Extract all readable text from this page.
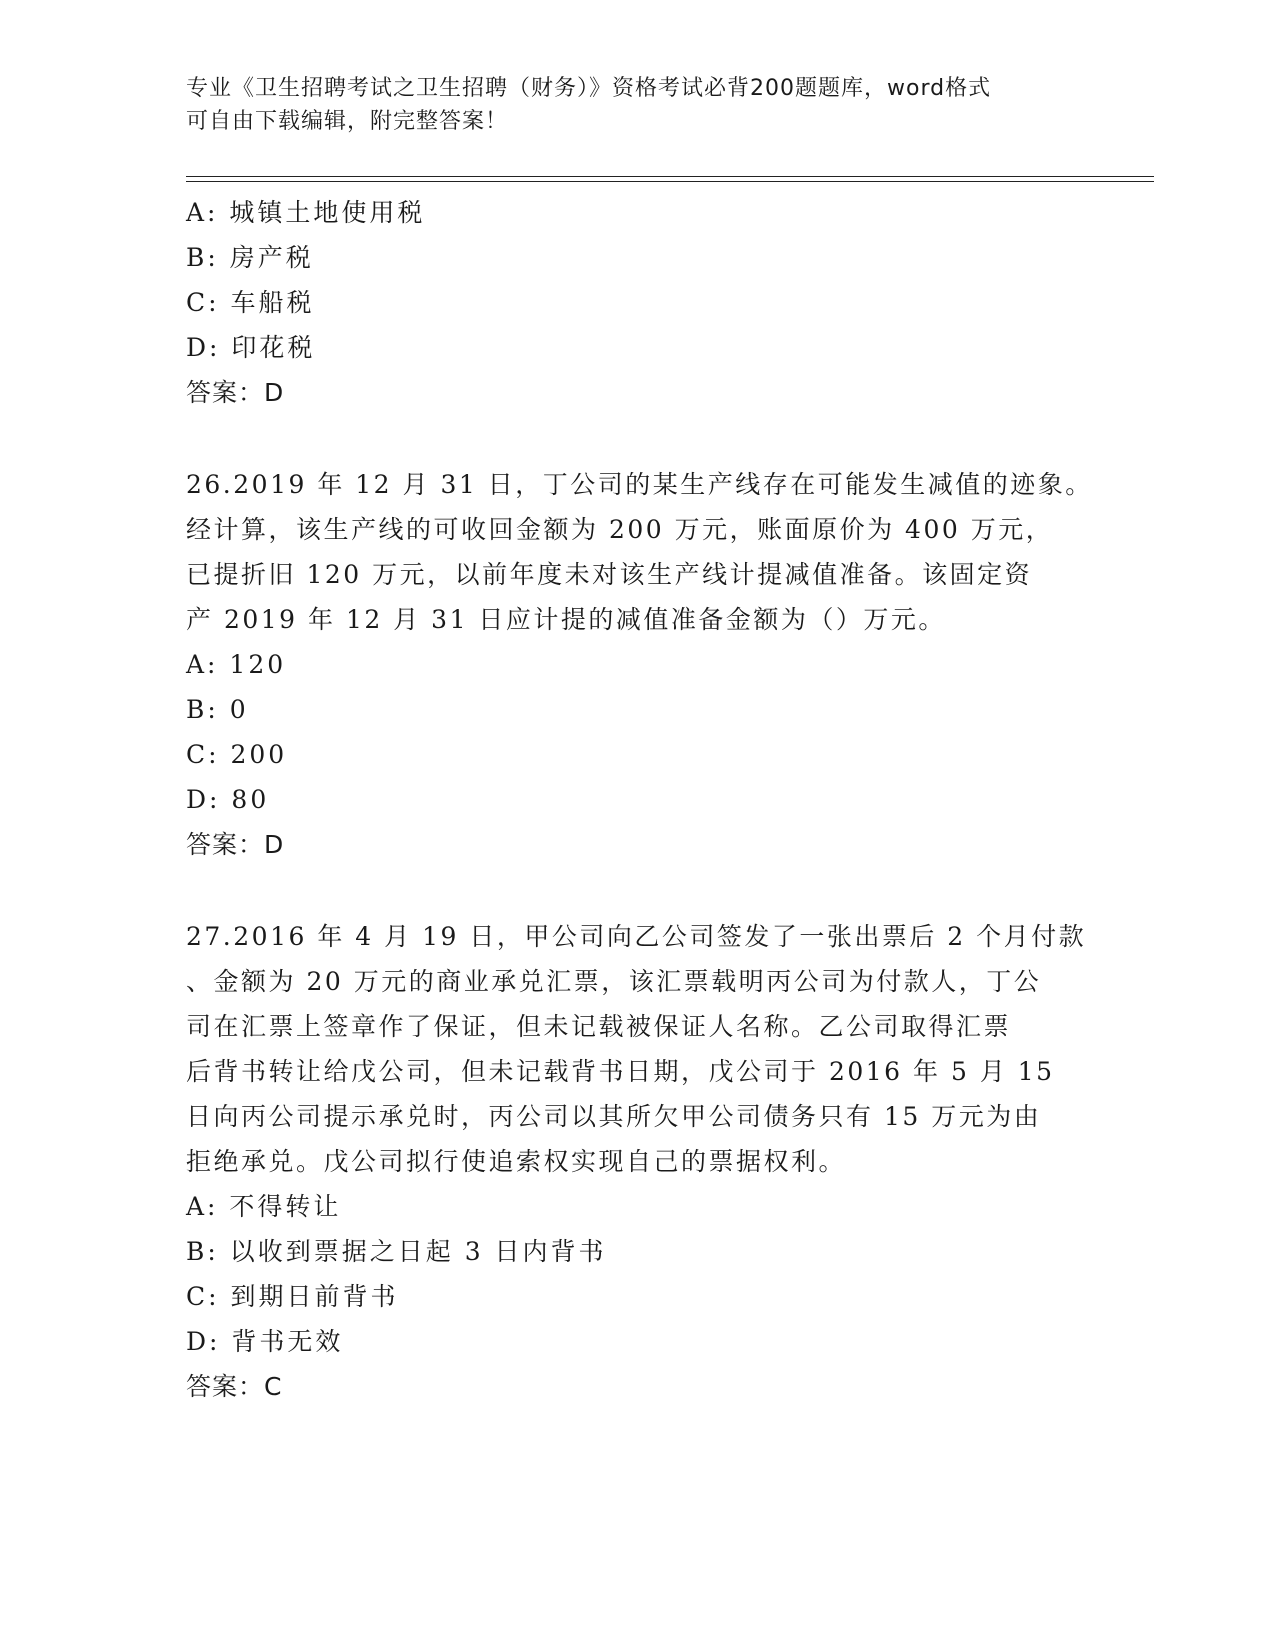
专业《卫生招聘考试之卫生招聘（财务）》资格考试必背200题题库，word格式
可自由下载编辑，附完整答案！
A: 城镇土地使用税
B: 房产税
C: 车船税
D: 印花税
答案：D
26.2019 年 12 月 31 日，丁公司的某生产线存在可能发生减值的迹象。
经计算，该生产线的可收回金额为 200 万元，账面原价为 400 万元，
已提折旧 120 万元，以前年度未对该生产线计提减值准备。该固定资
产 2019 年 12 月 31 日应计提的减值准备金额为（）万元。
A: 120
B: 0
C: 200
D: 80
答案：D
27.2016 年 4 月 19 日，甲公司向乙公司签发了一张出票后 2 个月付款
、金额为 20 万元的商业承兑汇票，该汇票载明丙公司为付款人，丁公
司在汇票上签章作了保证，但未记载被保证人名称。乙公司取得汇票
后背书转让给戊公司，但未记载背书日期，戊公司于 2016 年 5 月 15
日向丙公司提示承兑时，丙公司以其所欠甲公司债务只有 15 万元为由
拒绝承兑。戊公司拟行使追索权实现自己的票据权利。
A: 不得转让
B: 以收到票据之日起 3 日内背书
C: 到期日前背书
D: 背书无效
答案：C
